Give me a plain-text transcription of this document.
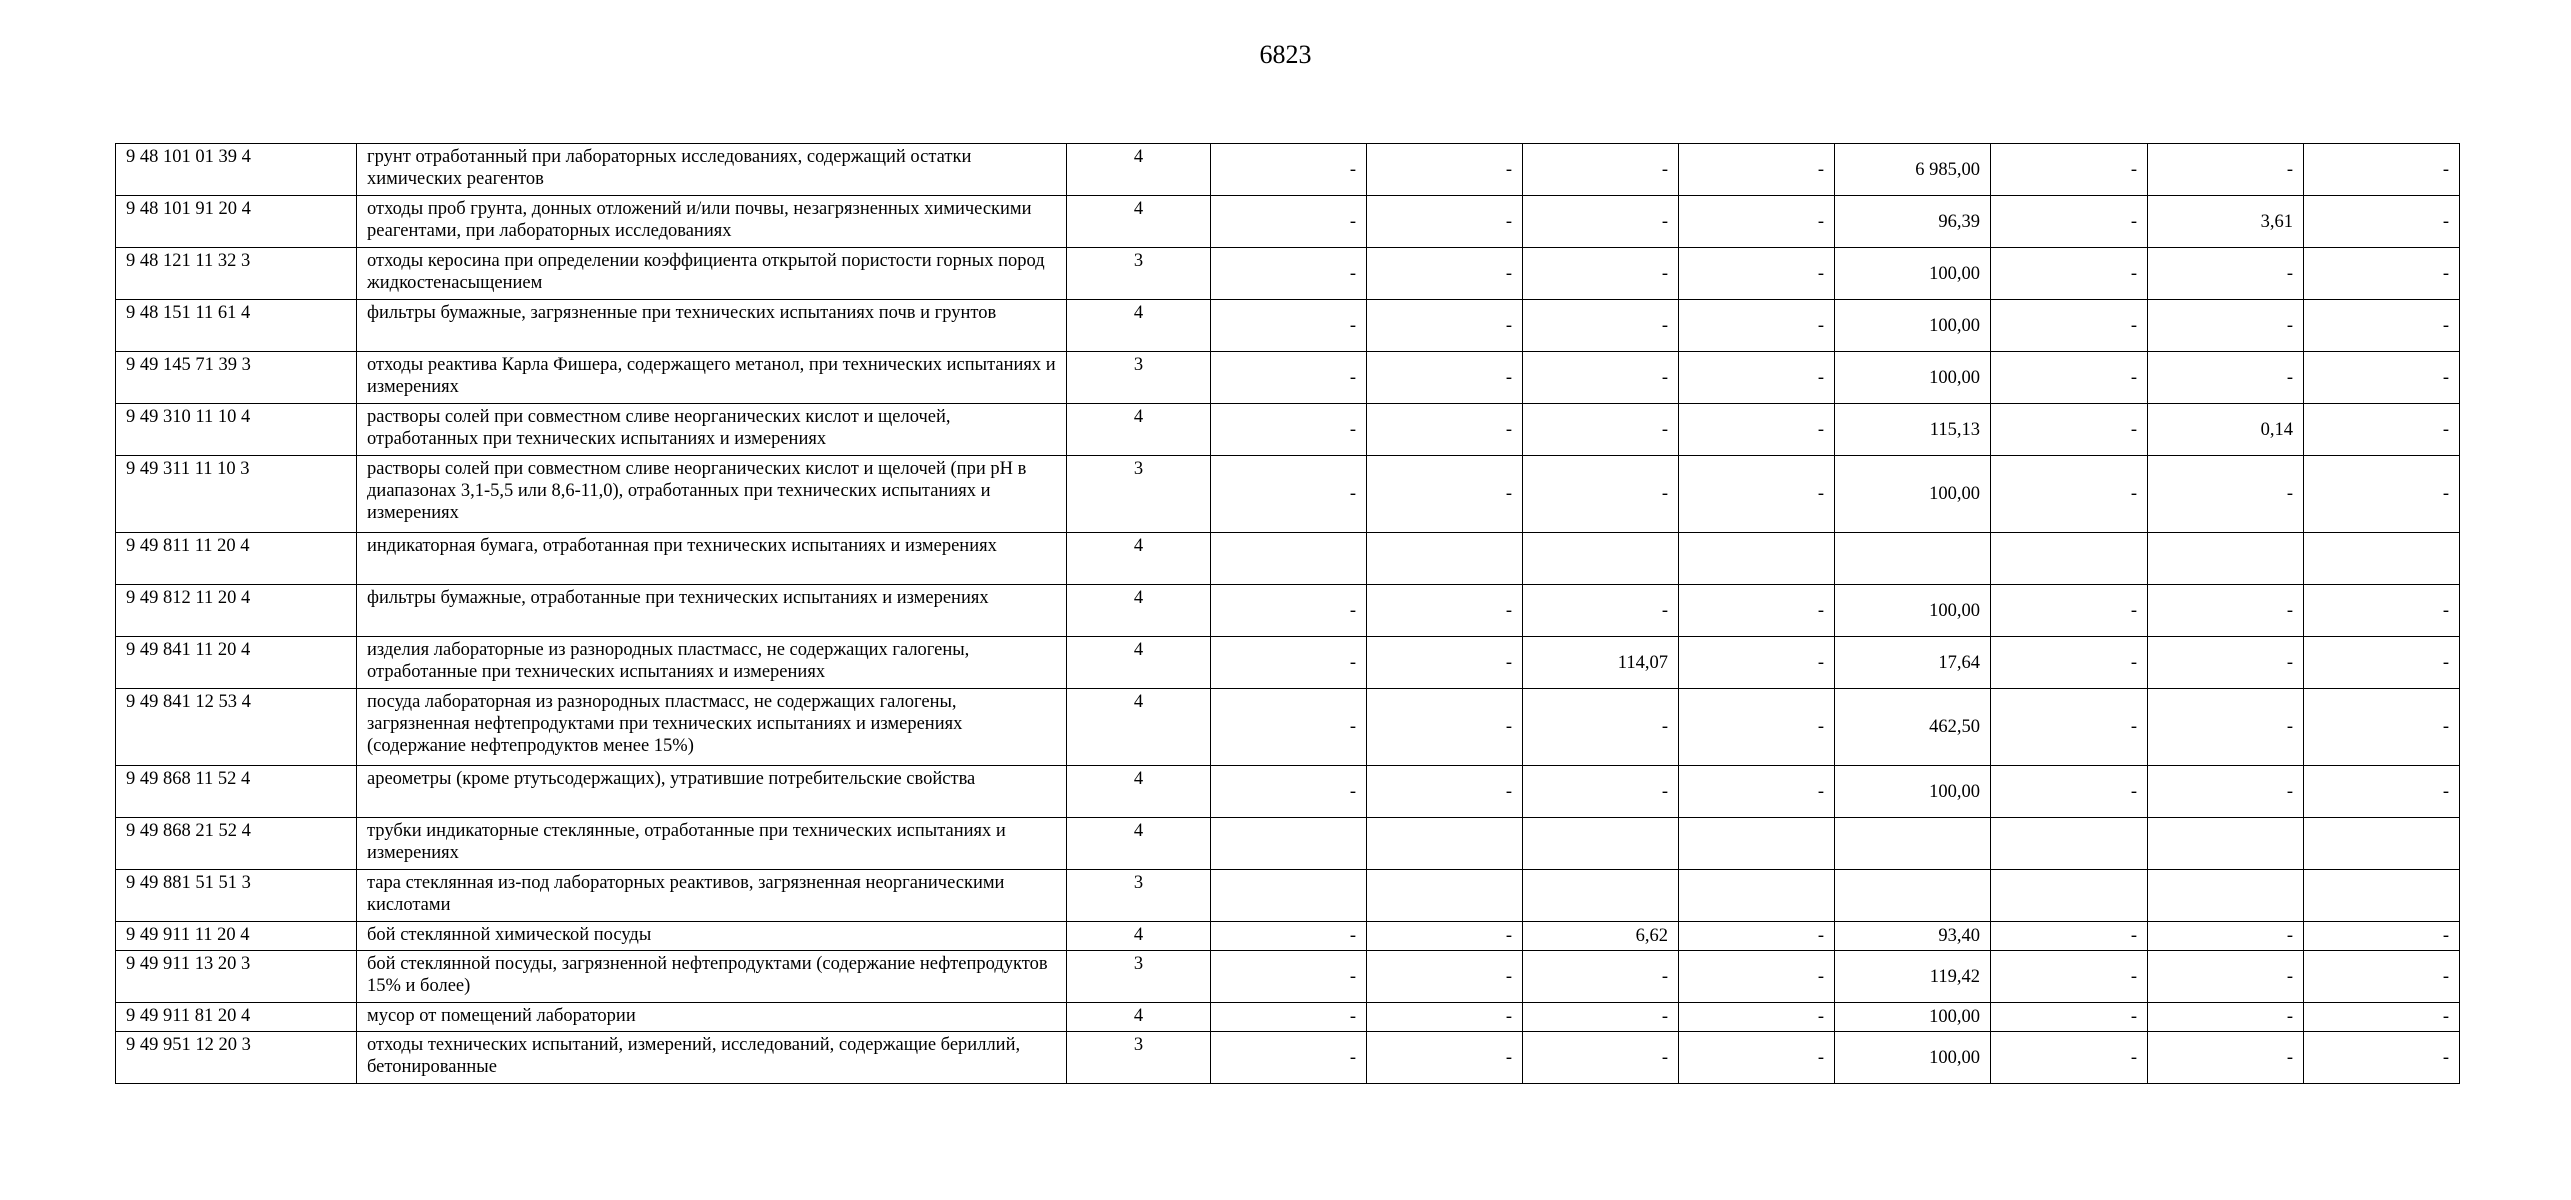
6823
9 48 101 01 39 4	грунт отработанный при лабораторных исследованиях, содержащий остатки химических реагентов	4	-	-	-	-	6 985,00	-	-	-
9 48 101 91 20 4	отходы проб грунта, донных отложений и/или почвы, незагрязненных химическими реагентами, при лабораторных исследованиях	4	-	-	-	-	96,39	-	3,61	-
9 48 121 11 32 3	отходы керосина при определении коэффициента открытой пористости горных пород жидкостенасыщением	3	-	-	-	-	100,00	-	-	-
9 48 151 11 61 4	фильтры бумажные, загрязненные при технических испытаниях почв и грунтов	4	-	-	-	-	100,00	-	-	-
9 49 145 71 39 3	отходы реактива Карла Фишера, содержащего метанол, при технических испытаниях и измерениях	3	-	-	-	-	100,00	-	-	-
9 49 310 11 10 4	растворы солей при совместном сливе неорганических кислот и щелочей, отработанных при технических испытаниях и измерениях	4	-	-	-	-	115,13	-	0,14	-
9 49 311 11 10 3	растворы солей при совместном сливе неорганических кислот и щелочей (при pH в диапазонах 3,1-5,5 или 8,6-11,0), отработанных при технических испытаниях и измерениях	3	-	-	-	-	100,00	-	-	-
9 49 811 11 20 4	индикаторная бумага, отработанная при технических испытаниях и измерениях	4								
9 49 812 11 20 4	фильтры бумажные, отработанные при технических испытаниях и измерениях	4	-	-	-	-	100,00	-	-	-
9 49 841 11 20 4	изделия лабораторные из разнородных пластмасс, не содержащих галогены, отработанные при технических испытаниях и измерениях	4	-	-	114,07	-	17,64	-	-	-
9 49 841 12 53 4	посуда лабораторная из разнородных пластмасс, не содержащих галогены, загрязненная нефтепродуктами при технических испытаниях и измерениях (содержание нефтепродуктов менее 15%)	4	-	-	-	-	462,50	-	-	-
9 49 868 11 52 4	ареометры (кроме ртутьсодержащих), утратившие потребительские свойства	4	-	-	-	-	100,00	-	-	-
9 49 868 21 52 4	трубки индикаторные стеклянные, отработанные при технических испытаниях и измерениях	4								
9 49 881 51 51 3	тара стеклянная из-под лабораторных реактивов, загрязненная неорганическими кислотами	3								
9 49 911 11 20 4	бой стеклянной химической посуды	4	-	-	6,62	-	93,40	-	-	-
9 49 911 13 20 3	бой стеклянной посуды, загрязненной нефтепродуктами (содержание нефтепродуктов 15% и более)	3	-	-	-	-	119,42	-	-	-
9 49 911 81 20 4	мусор от помещений лаборатории	4	-	-	-	-	100,00	-	-	-
9 49 951 12 20 3	отходы технических испытаний, измерений, исследований, содержащие бериллий, бетонированные	3	-	-	-	-	100,00	-	-	-
